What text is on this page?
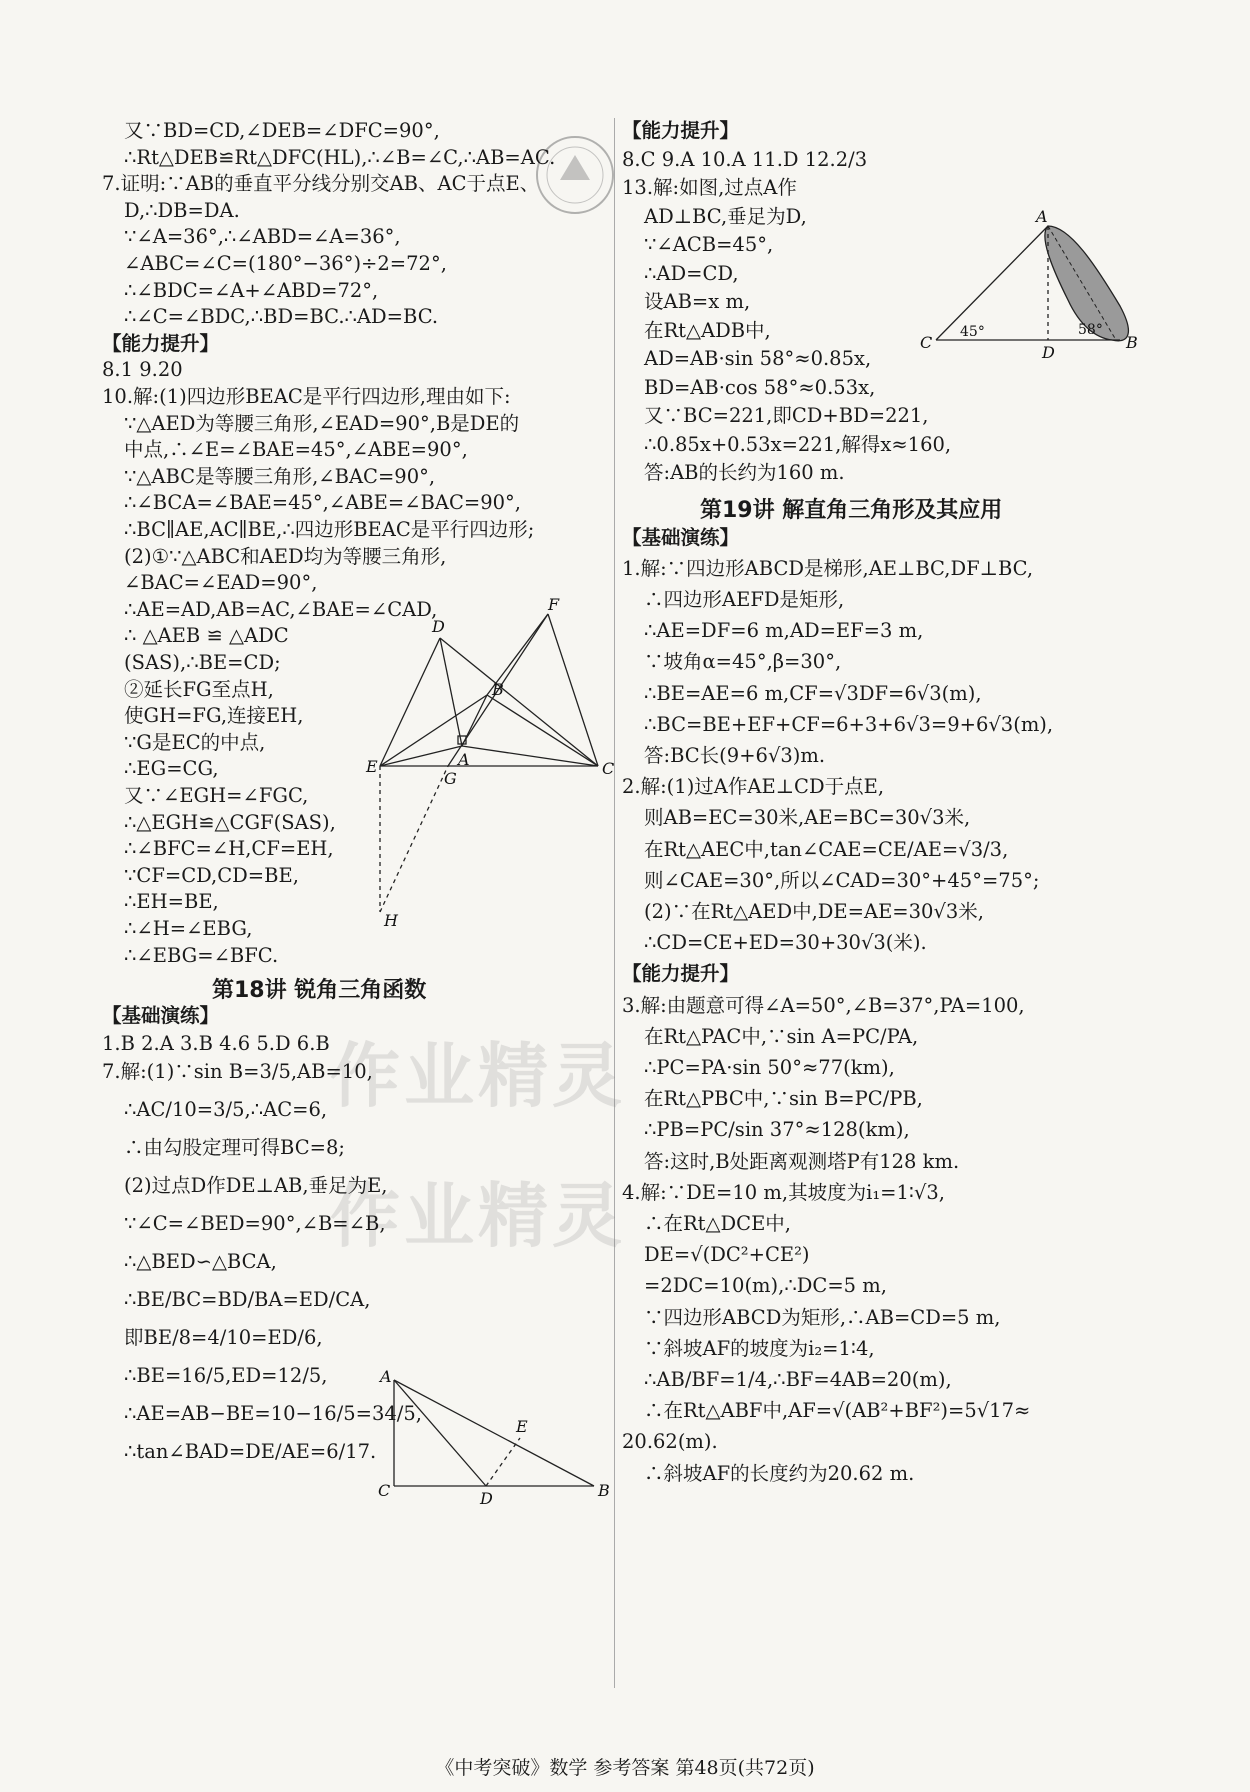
作业精灵
作业精灵
又∵BD=CD,∠DEB=∠DFC=90°,
∴Rt△DEB≌Rt△DFC(HL),∴∠B=∠C,∴AB=AC.
7.证明:∵AB的垂直平分线分别交AB、AC于点E、
D,∴DB=DA.
∵∠A=36°,∴∠ABD=∠A=36°,
∠ABC=∠C=(180°−36°)÷2=72°,
∴∠BDC=∠A+∠ABD=72°,
∴∠C=∠BDC,∴BD=BC.∴AD=BC.
【能力提升】
8.1 9.20
10.解:(1)四边形BEAC是平行四边形,理由如下:
∵△AED为等腰三角形,∠EAD=90°,B是DE的
中点,∴∠E=∠BAE=45°,∠ABE=90°,
∵△ABC是等腰三角形,∠BAC=90°,
∴∠BCA=∠BAE=45°,∠ABE=∠BAC=90°,
∴BC∥AE,AC∥BE,∴四边形BEAC是平行四边形;
(2)①∵△ABC和AED均为等腰三角形,
∠BAC=∠EAD=90°,
∴AE=AD,AB=AC,∠BAE=∠CAD,
∴ △AEB ≌ △ADC
(SAS),∴BE=CD;
②延长FG至点H,
使GH=FG,连接EH,
∵G是EC的中点,
∴EG=CG,
又∵∠EGH=∠FGC,
∴△EGH≌△CGF(SAS),
∴∠BFC=∠H,CF=EH,
∵CF=CD,CD=BE,
∴EH=BE,
∴∠H=∠EBG,
∴∠EBG=∠BFC.
第18讲 锐角三角函数
【基础演练】
1.B 2.A 3.B 4.6 5.D 6.B
7.解:(1)∵sin B=3/5,AB=10,
∴AC/10=3/5,∴AC=6,
∴由勾股定理可得BC=8;
(2)过点D作DE⊥AB,垂足为E,
∵∠C=∠BED=90°,∠B=∠B,
∴△BED∽△BCA,
∴BE/BC=BD/BA=ED/CA,
即BE/8=4/10=ED/6,
∴BE=16/5,ED=12/5,
∴AE=AB−BE=10−16/5=34/5,
∴tan∠BAD=DE/AE=6/17.
【能力提升】
8.C 9.A 10.A 11.D 12.2/3
13.解:如图,过点A作
AD⊥BC,垂足为D,
∵∠ACB=45°,
∴AD=CD,
设AB=x m,
在Rt△ADB中,
AD=AB·sin 58°≈0.85x,
BD=AB·cos 58°≈0.53x,
又∵BC=221,即CD+BD=221,
∴0.85x+0.53x=221,解得x≈160,
答:AB的长约为160 m.
第19讲 解直角三角形及其应用
【基础演练】
1.解:∵四边形ABCD是梯形,AE⊥BC,DF⊥BC,
∴四边形AEFD是矩形,
∴AE=DF=6 m,AD=EF=3 m,
∵坡角α=45°,β=30°,
∴BE=AE=6 m,CF=√3DF=6√3(m),
∴BC=BE+EF+CF=6+3+6√3=9+6√3(m),
答:BC长(9+6√3)m.
2.解:(1)过A作AE⊥CD于点E,
则AB=EC=30米,AE=BC=30√3米,
在Rt△AEC中,tan∠CAE=CE/AE=√3/3,
则∠CAE=30°,所以∠CAD=30°+45°=75°;
(2)∵在Rt△AED中,DE=AE=30√3米,
∴CD=CE+ED=30+30√3(米).
【能力提升】
3.解:由题意可得∠A=50°,∠B=37°,PA=100,
在Rt△PAC中,∵sin A=PC/PA,
∴PC=PA·sin 50°≈77(km),
在Rt△PBC中,∵sin B=PC/PB,
∴PB=PC/sin 37°≈128(km),
答:这时,B处距离观测塔P有128 km.
4.解:∵DE=10 m,其坡度为i₁=1∶√3,
∴在Rt△DCE中,
DE=√(DC²+CE²)
=2DC=10(m),∴DC=5 m,
∵四边形ABCD为矩形,∴AB=CD=5 m,
∵斜坡AF的坡度为i₂=1∶4,
∴AB/BF=1/4,∴BF=4AB=20(m),
∴在Rt△ABF中,AF=√(AB²+BF²)=5√17≈
20.62(m).
∴斜坡AF的长度约为20.62 m.
D
F
B
E	A
G
C
H
A
E
C	D	B
A
C
45°
D
58°
B
《中考突破》数学 参考答案 第48页(共72页)
